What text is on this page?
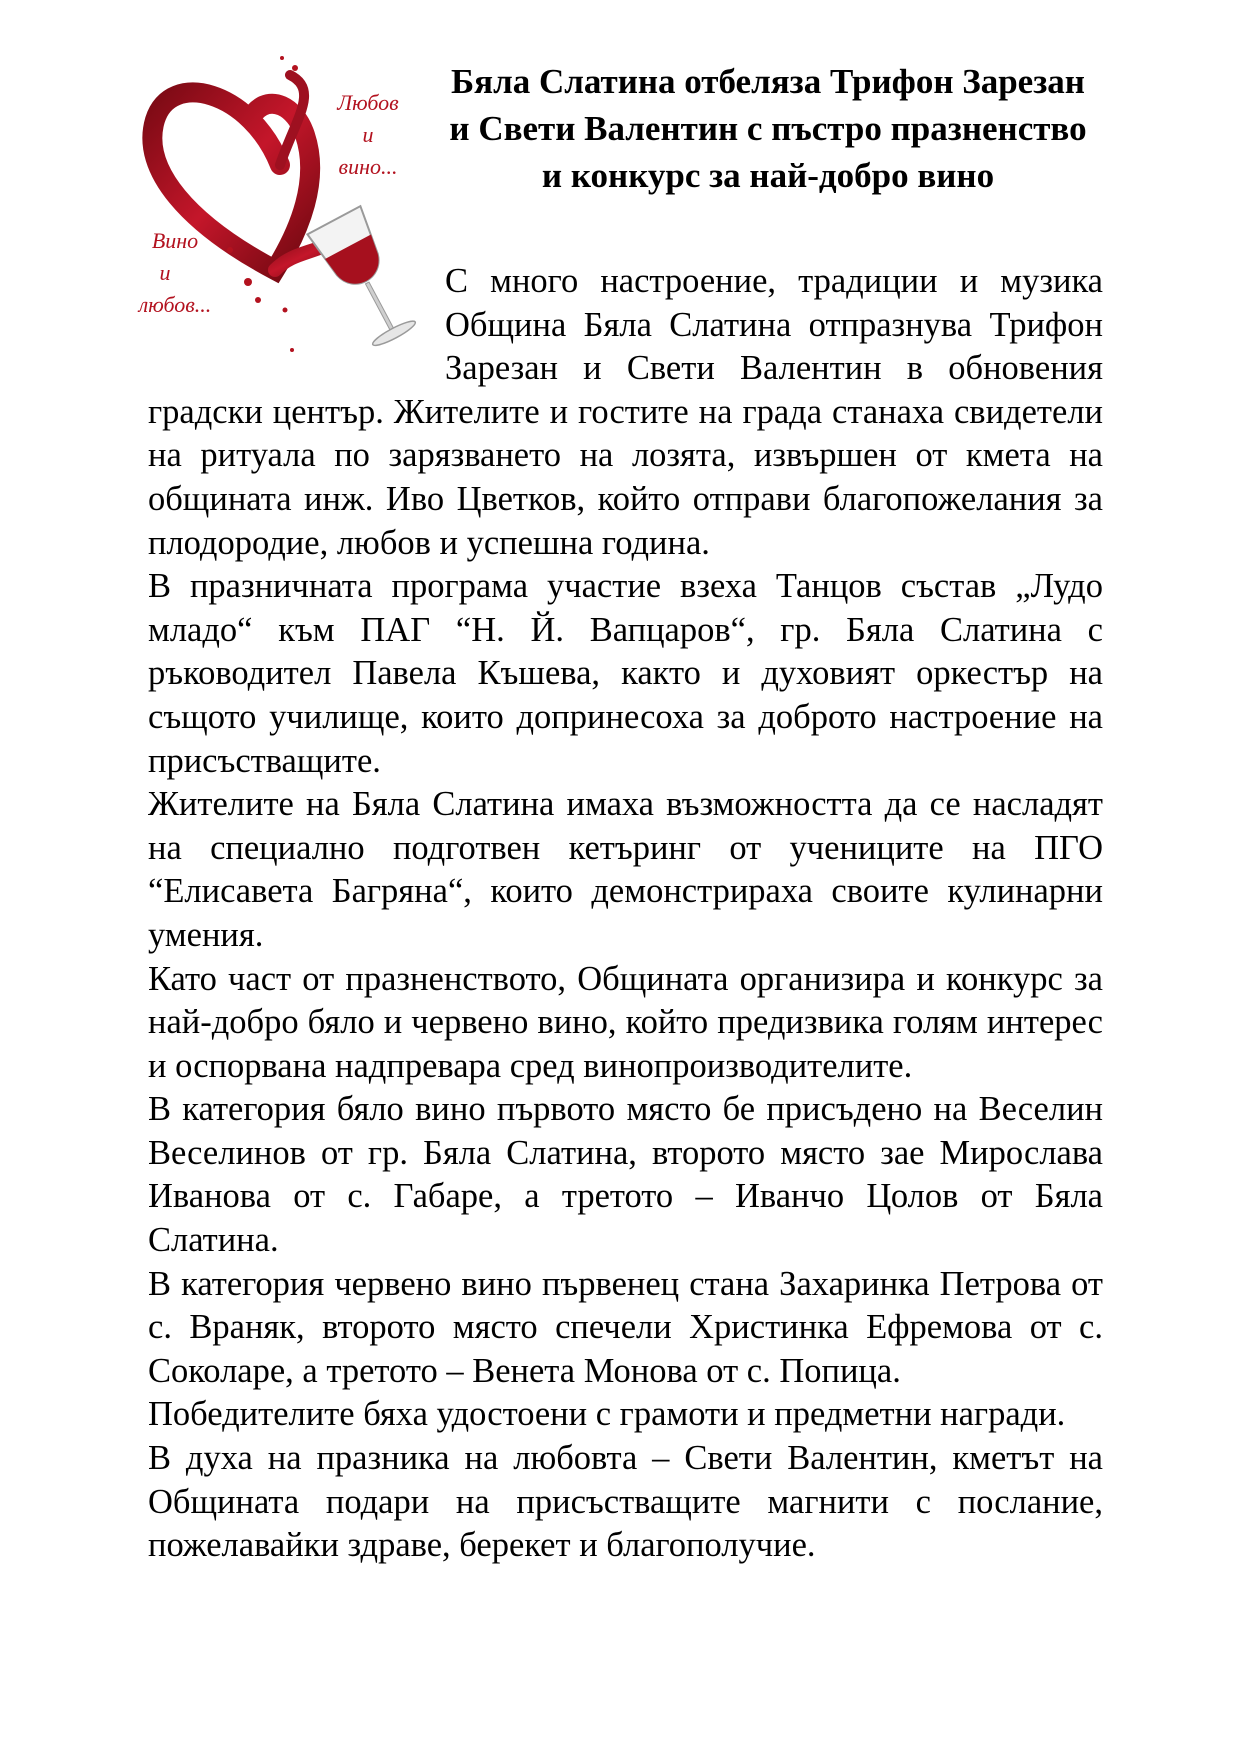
Любов
и
вино...
Вино
и
любов...
Бяла Слатина отбеляза Трифон Зарезан и Свети Валентин с пъстро празненство и конкурс за най-добро вино

С много настроение, традиции и музика Община Бяла Слатина отпразнува Трифон Зарезан и Свети Валентин в обновения градски център. Жителите и гостите на града станаха свидетели на ритуала по зарязването на лозята, извършен от кмета на общината инж. Иво Цветков, който отправи благопожелания за плодородие, любов и успешна година.

В празничната програма участие взеха Танцов състав „Лудо младо“ към ПАГ “Н. Й. Вапцаров“, гр. Бяла Слатина с ръководител Павела Къшева, както и духовият оркестър на същото училище, които допринесоха за доброто настроение на присъстващите.

Жителите на Бяла Слатина имаха възможността да се насладят на специално подготвен кетъринг от учениците на ПГО “Елисавета Багряна“, които демонстрираха своите кулинарни умения.

Като част от празненството, Общината организира и конкурс за най-добро бяло и червено вино, който предизвика голям интерес и оспорвана надпревара сред винопроизводителите.

В категория бяло вино първото място бе присъдено на Веселин Веселинов от гр. Бяла Слатина, второто място зае Мирослава Иванова от с. Габаре, а третото – Иванчо Цолов от Бяла Слатина.

В категория червено вино първенец стана Захаринка Петрова от с. Враняк, второто място спечели Христинка Ефремова от с. Соколаре, а третото – Венета Монова от с. Попица.

Победителите бяха удостоени с грамоти и предметни награди.

В духа на празника на любовта – Свети Валентин, кметът на Общината подари на присъстващите магнити с послание, пожелавайки здраве, берекет и благополучие.
